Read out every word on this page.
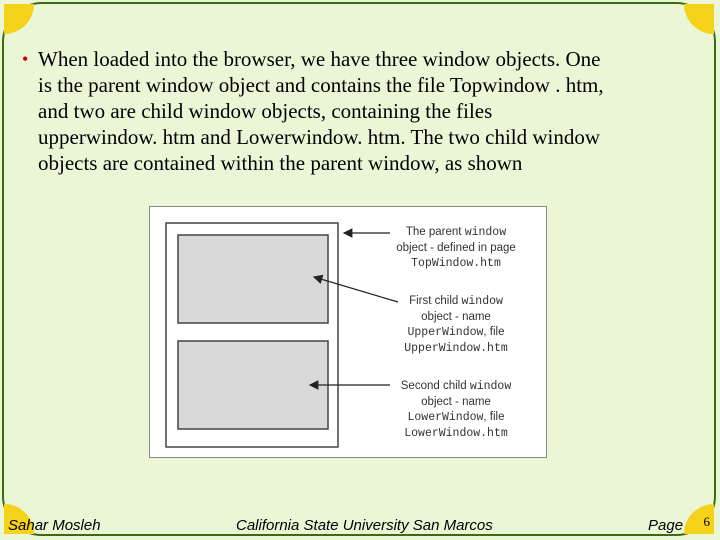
• When loaded into the browser, we have three window objects. One
is the parent window object and contains the file Topwindow . htm,
and two are child window objects, containing the files
upperwindow. htm and Lowerwindow. htm. The two child window
objects are contained within the parent window, as shown
The parent window
object - defined in page
TopWindow.htm
First child window
object - name
UpperWindow, file
UpperWindow.htm
Second child window
object - name
LowerWindow, file
LowerWindow.htm
Sahar Mosleh	California State University San Marcos	Page 6
